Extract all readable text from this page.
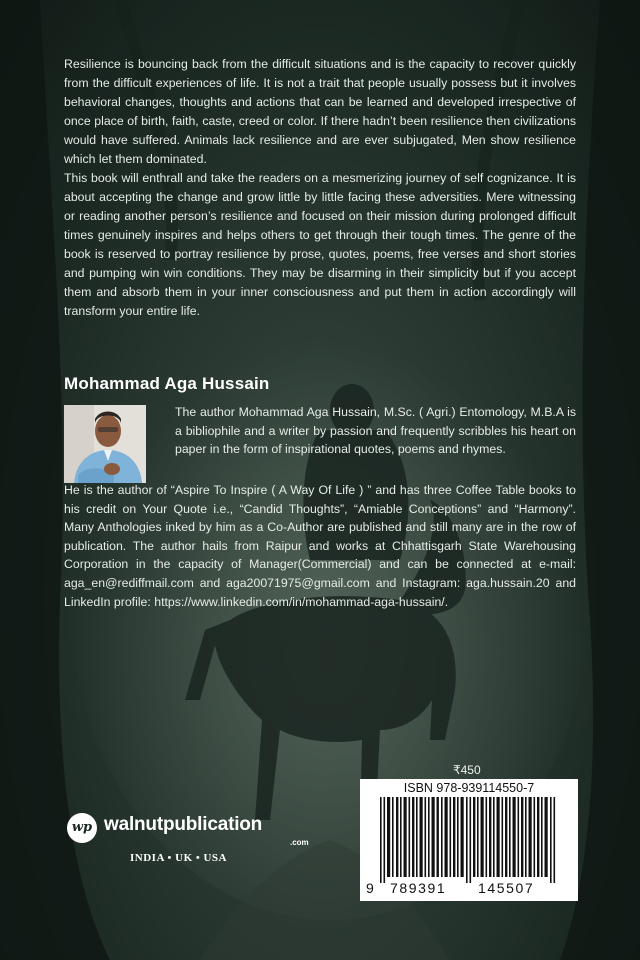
Resilience is bouncing back from the difficult situations and is the capacity to recover quickly from the difficult experiences of life. It is not a trait that people usually possess but it involves behavioral changes, thoughts and actions that can be learned and developed irrespective of once place of birth, faith, caste, creed or color. If there hadn’t been resilience then civilizations would have suffered. Animals lack resilience and are ever subjugated, Men show resilience which let them dominated.

This book will enthrall and take the readers on a mesmerizing journey of self cognizance. It is about accepting the change and grow little by little facing these adversities. Mere witnessing or reading another person’s resilience and focused on their mission during prolonged difficult times genuinely inspires and helps others to get through their tough times. The genre of the book is reserved to portray resilience by prose, quotes, poems, free verses and short stories and pumping win win conditions. They may be disarming in their simplicity but if you accept them and absorb them in your inner consciousness and put them in action accordingly will transform your entire life.

Mohammad Aga Hussain
The author Mohammad Aga Hussain, M.Sc. ( Agri.) Entomology, M.B.A is a bibliophile and a writer by passion and frequently scribbles his heart on paper in the form of inspirational quotes, poems and rhymes.
He is the author of “Aspire To Inspire ( A Way Of Life ) ” and has three Coffee Table books to his credit on Your Quote i.e., “Candid Thoughts”, “Amiable Conceptions” and “Harmony”. Many Anthologies inked by him as a Co-Author are published and still many are in the row of publication. The author hails from Raipur and works at Chhattisgarh State Warehousing Corporation in the capacity of Manager(Commercial) and can be connected at e-mail: aga_en@rediffmail.com and aga20071975@gmail.com and Instagram: aga.hussain.20 and LinkedIn profile: https://www.linkedin.com/in/mohammad-aga-hussain/.
₹450
ISBN 978-939114550-7
9 789391 145507
wp walnutpublication
.com
INDIA • UK • USA
